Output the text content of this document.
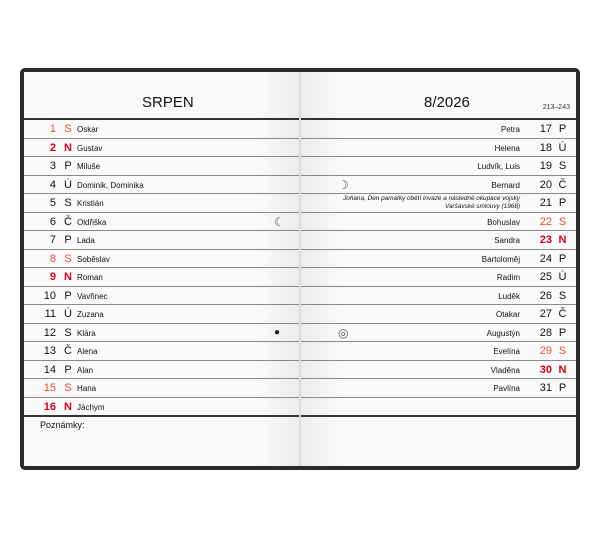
SRPEN
Poznámky:
1 S Oskar
2 N Gustav
3 P Miluše
4 Ú Dominik, Dominika
5 S Kristián
6 Č Oldřiška
7 P Lada
8 S Soběslav
9 N Roman
10 P Vavřinec
11 Ú Zuzana
12 S Klára
13 Č Alena
14 P Alan
15 S Hana
16 N Jáchym
☾
●
8/2026	213–243
17 P
Petra
18 Ú
Helena
19 S
Ludvík, Luis
20 Č
Bernard
21 P
Johana, Den památky obětí invaze a následné okupace vojsky Varšavské smlouvy (1968)
22 S
Bohuslav
23 N
Sandra
24 P
Bartoloměj
25 Ú
Radim
26 S
Luděk
27 Č
Otakar
28 P
Augustýn
29 S
Evelína
30 N
Vladěna
31 P
Pavlína
☽
◎
